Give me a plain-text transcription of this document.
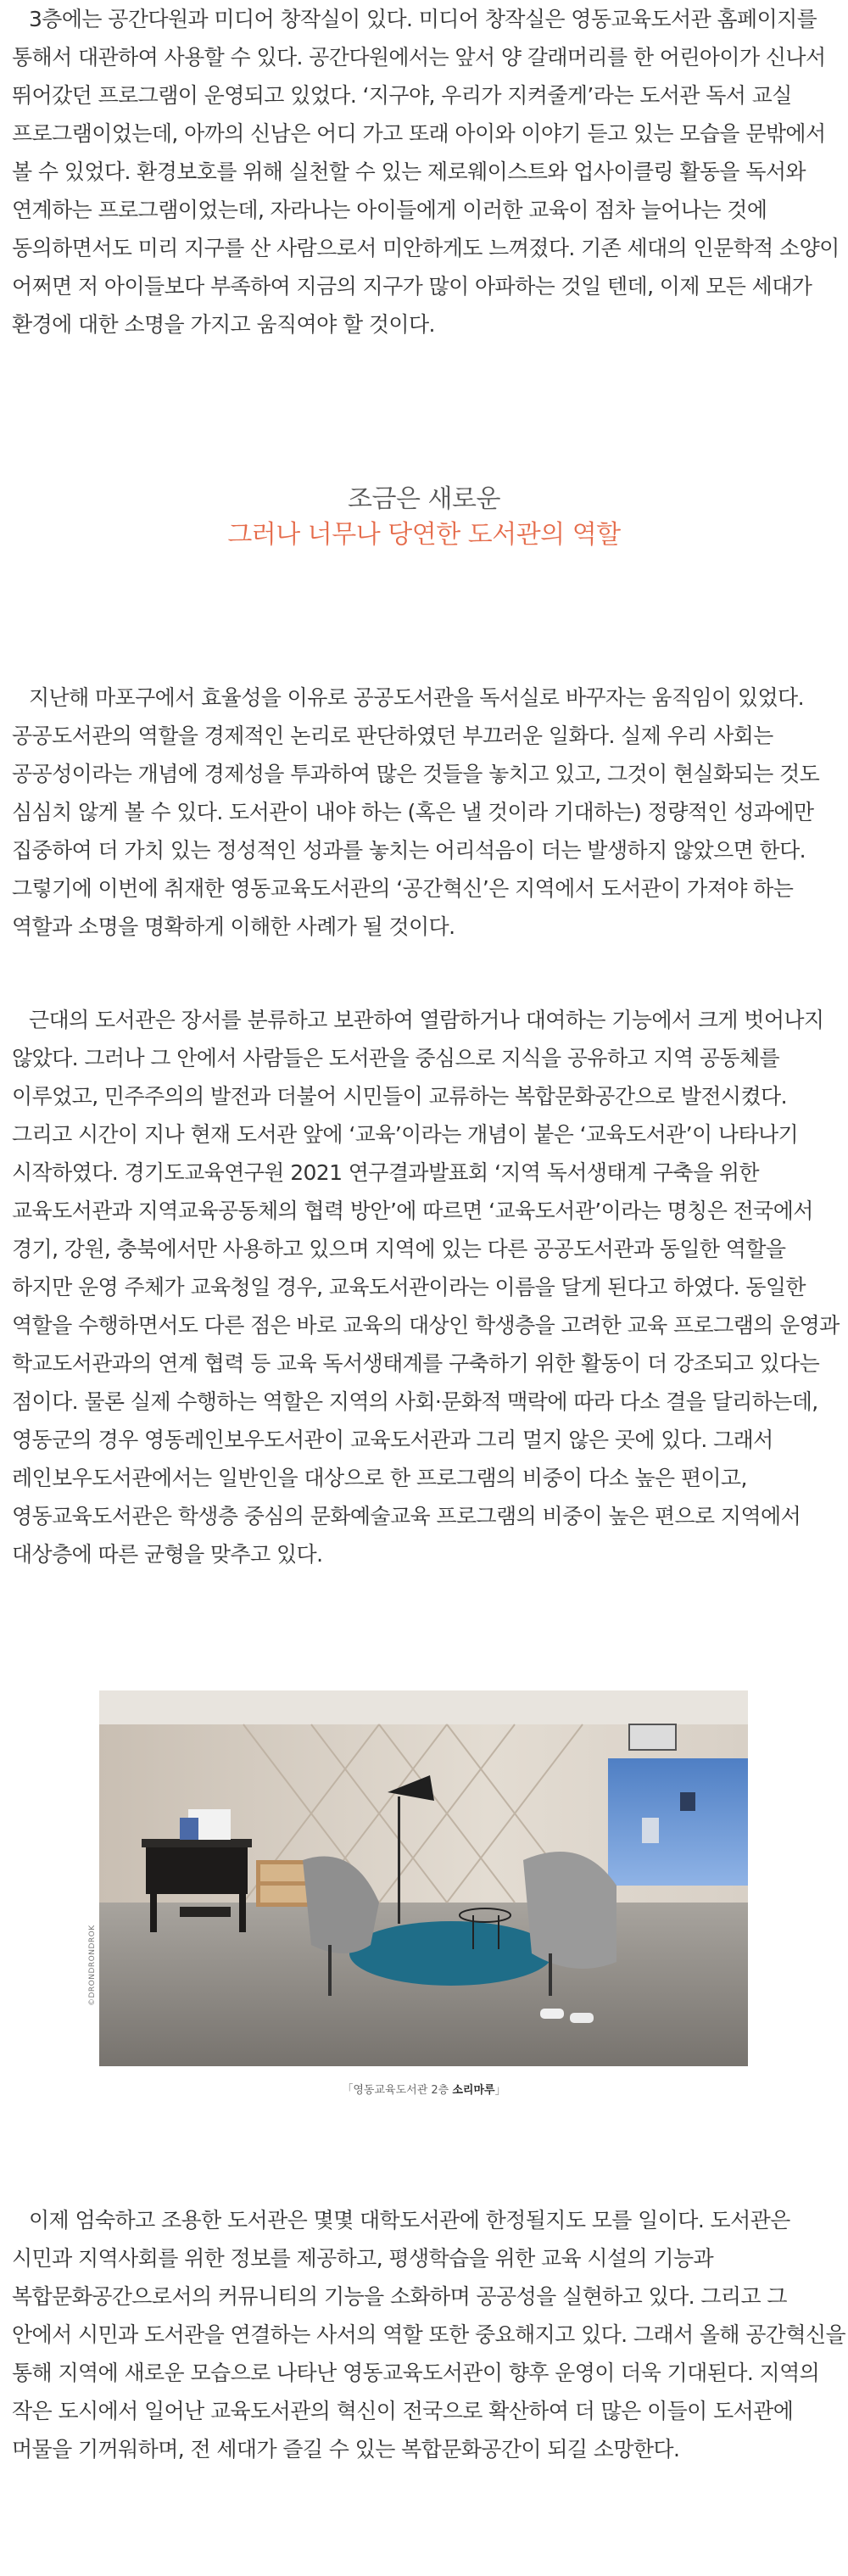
3층에는 공간다원과 미디어 창작실이 있다. 미디어 창작실은 영동교육도서관 홈페이지를 통해서 대관하여 사용할 수 있다. 공간다원에서는 앞서 양 갈래머리를 한 어린아이가 신나서 뛰어갔던 프로그램이 운영되고 있었다. ‘지구야, 우리가 지켜줄게’라는 도서관 독서 교실 프로그램이었는데, 아까의 신남은 어디 가고 또래 아이와 이야기 듣고 있는 모습을 문밖에서 볼 수 있었다. 환경보호를 위해 실천할 수 있는 제로웨이스트와 업사이클링 활동을 독서와 연계하는 프로그램이었는데, 자라나는 아이들에게 이러한 교육이 점차 늘어나는 것에 동의하면서도 미리 지구를 산 사람으로서 미안하게도 느껴졌다. 기존 세대의 인문학적 소양이 어쩌면 저 아이들보다 부족하여 지금의 지구가 많이 아파하는 것일 텐데, 이제 모든 세대가 환경에 대한 소명을 가지고 움직여야 할 것이다.

조금은 새로운
그러나 너무나 당연한 도서관의 역할

지난해 마포구에서 효율성을 이유로 공공도서관을 독서실로 바꾸자는 움직임이 있었다. 공공도서관의 역할을 경제적인 논리로 판단하였던 부끄러운 일화다. 실제 우리 사회는 공공성이라는 개념에 경제성을 투과하여 많은 것들을 놓치고 있고, 그것이 현실화되는 것도 심심치 않게 볼 수 있다. 도서관이 내야 하는 (혹은 낼 것이라 기대하는) 정량적인 성과에만 집중하여 더 가치 있는 정성적인 성과를 놓치는 어리석음이 더는 발생하지 않았으면 한다. 그렇기에 이번에 취재한 영동교육도서관의 ‘공간혁신’은 지역에서 도서관이 가져야 하는 역할과 소명을 명확하게 이해한 사례가 될 것이다.

근대의 도서관은 장서를 분류하고 보관하여 열람하거나 대여하는 기능에서 크게 벗어나지 않았다. 그러나 그 안에서 사람들은 도서관을 중심으로 지식을 공유하고 지역 공동체를 이루었고, 민주주의의 발전과 더불어 시민들이 교류하는 복합문화공간으로 발전시켰다. 그리고 시간이 지나 현재 도서관 앞에 ‘교육’이라는 개념이 붙은 ‘교육도서관’이 나타나기 시작하였다. 경기도교육연구원 2021 연구결과발표회 ‘지역 독서생태계 구축을 위한 교육도서관과 지역교육공동체의 협력 방안’에 따르면 ‘교육도서관’이라는 명칭은 전국에서 경기, 강원, 충북에서만 사용하고 있으며 지역에 있는 다른 공공도서관과 동일한 역할을 하지만 운영 주체가 교육청일 경우, 교육도서관이라는 이름을 달게 된다고 하였다. 동일한 역할을 수행하면서도 다른 점은 바로 교육의 대상인 학생층을 고려한 교육 프로그램의 운영과 학교도서관과의 연계 협력 등 교육 독서생태계를 구축하기 위한 활동이 더 강조되고 있다는 점이다. 물론 실제 수행하는 역할은 지역의 사회·문화적 맥락에 따라 다소 결을 달리하는데, 영동군의 경우 영동레인보우도서관이 교육도서관과 그리 멀지 않은 곳에 있다. 그래서 레인보우도서관에서는 일반인을 대상으로 한 프로그램의 비중이 다소 높은 편이고, 영동교육도서관은 학생층 중심의 문화예술교육 프로그램의 비중이 높은 편으로 지역에서 대상층에 따른 균형을 맞추고 있다.

©DRONDRONDROK
「영동교육도서관 2층 소리마루」

이제 엄숙하고 조용한 도서관은 몇몇 대학도서관에 한정될지도 모를 일이다. 도서관은 시민과 지역사회를 위한 정보를 제공하고, 평생학습을 위한 교육 시설의 기능과 복합문화공간으로서의 커뮤니티의 기능을 소화하며 공공성을 실현하고 있다. 그리고 그 안에서 시민과 도서관을 연결하는 사서의 역할 또한 중요해지고 있다. 그래서 올해 공간혁신을 통해 지역에 새로운 모습으로 나타난 영동교육도서관이 향후 운영이 더욱 기대된다. 지역의 작은 도시에서 일어난 교육도서관의 혁신이 전국으로 확산하여 더 많은 이들이 도서관에 머물을 기꺼워하며, 전 세대가 즐길 수 있는 복합문화공간이 되길 소망한다.
